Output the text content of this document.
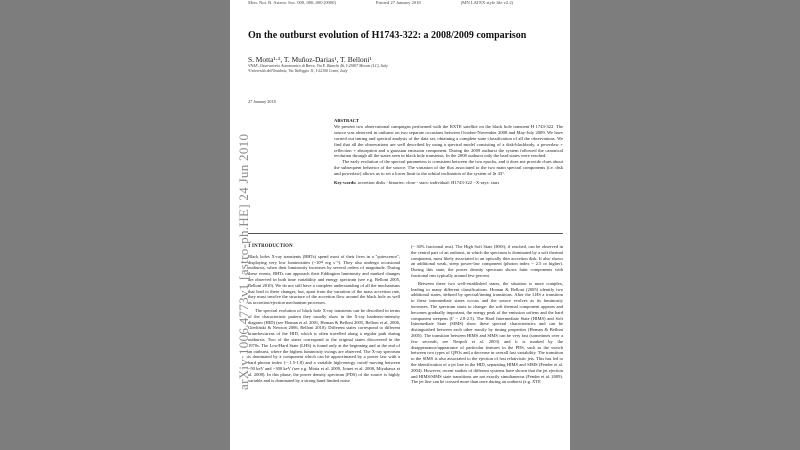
Mon. Not. R. Astron. Soc. 000, 000–000 (0000)	Printed 27 January 2018	(MN LATEX style file v2.2)
arXiv:1006.4773v1 [astro-ph.HE] 24 Jun 2010
On the outburst evolution of H1743-322: a 2008/2009 comparison
S. Motta¹·², T. Muñoz-Darias¹, T. Belloni¹
¹INAF–Osservatorio Astronomico di Brera, Via E. Bianchi 46, I-23807 Merate (LC), Italy
²Università dell'Insubria, Via Valleggio 11, I-22100 Como, Italy
27 January 2018
ABSTRACT

We present two observational campaigns performed with the RXTE satellite on the black hole transient H 1743-322. The source was observed in outburst on two separate occasions between October-November 2008 and May-July 2009. We have carried out timing and spectral analysis of the data set, obtaining a complete state classification of all the observations. We find that all the observations are well described by using a spectral model consisting of a disk-blackbody, a powerlaw + reflection + absorption and a gaussian emission component. During the 2009 outburst the system followed the canonical evolution through all the states seen in black hole transients. In the 2008 outburst only the hard states were reached.

The early evolution of the spectral parameters is consistent between the two epochs, and it does not provide clues about the subsequent behavior of the source. The variation of the flux associated to the two main spectral components (i.e. disk and powerlaw) allows us to set a lower limit to the orbital inclination of the system of ≳ 43°.

Key words: accretion disks - binaries: close - stars: individual: H1743-322 - X-rays: stars
1 INTRODUCTION

Black holes X-ray transients (BHTs) spend most of their lives in a "quiescence", displaying very low luminosities (~10³² erg s⁻¹). They also undergo occasional outbursts, when their luminosity increases by several orders of magnitude. During these events, BHTs can approach their Eddington luminosity and marked changes are observed in both time variability and energy spectrum (see e.g. Belloni 2005, Belloni 2010). We do not still have a complete understanding of all the mechanisms that lead to these changes, but, apart from the variation of the mass accretion rate, they must involve the structure of the accretion flow around the black hole as well as accretion/ejection mechanism processes.

The spectral evolution of black hole X-ray transients can be described in terms of the characteristic pattern they usually show in the X-ray hardness-intensity diagram (HID) (see Homan et al. 2001, Homan & Belloni 2005, Belloni et al. 2006, Gierliński & Newton 2006, Belloni 2010). Different states correspond to different branches/areas of the HID, which is often travelled along a regular path during outbursts. Two of the states correspond to the original states discovered in the 1970s. The Low/Hard State (LHS) is found only at the beginning and at the end of an outburst, where the highest luminosity swings are observed. The X-ray spectrum is dominated by a component which can be approximated by a power law with a hard photon index (~ 1.5-1.8) and a variable high-energy cutoff moving between ~50 keV and ~300 keV (see e.g. Motta et al. 2009, Joinet et al. 2008, Miyakawa et al. 2008). In this phase, the power density spectrum (PDS) of the source is highly variable and is dominated by a strong band limited noise

(~ 30% fractional rms). The High Soft State (HSS), if reached, can be observed in the central part of an outburst, in which the spectrum is dominated by a soft thermal component, most likely associated to an optically thin accretion disk. It also shows an additional weak, steep power-law component (photon index ~ 2.5 or higher). During this state, the power density spectrum shows faint components with fractional rms typically around few percent.

Between these two well-established states, the situation is more complex, leading to many different classifications. Homan & Belloni (2005) identify two additional states, defined by spectral/timing transitions. After the LHS a transition to these intermediate states occurs and the source evolves as its luminosity increases. The spectrum starts to change: the soft thermal component appears and becomes gradually important, the energy peak of the emission softens and the hard component steepens (Γ ~ 2.0-2.5). The Hard Intermediate State (HIMS) and Soft Intermediate State (SIMS) show these spectral characteristics and can be distinguished between each other mostly by timing properties (Homan & Belloni 2005). The transition between HIMS and SIMS can be very fast (sometimes over a few seconds, see Nespoli et al. 2003) and it is marked by the disappearance/appearance of particular features in the PDS, such as the switch between two types of QPOs and a decrease in overall fast variability. The transition to the SIMS is also associated to the ejection of fast relativistic jets. This has led to the identification of a jet line in the HID, separating HIMS and SIMS (Fender et al. 2004). However, recent studies of different systems have shown that the jet ejection and HIMS/SIMS state transitions are not exactly simultaneous (Fender et al. 2009). The jet line can be crossed more than once during an outburst (e.g. XTE
